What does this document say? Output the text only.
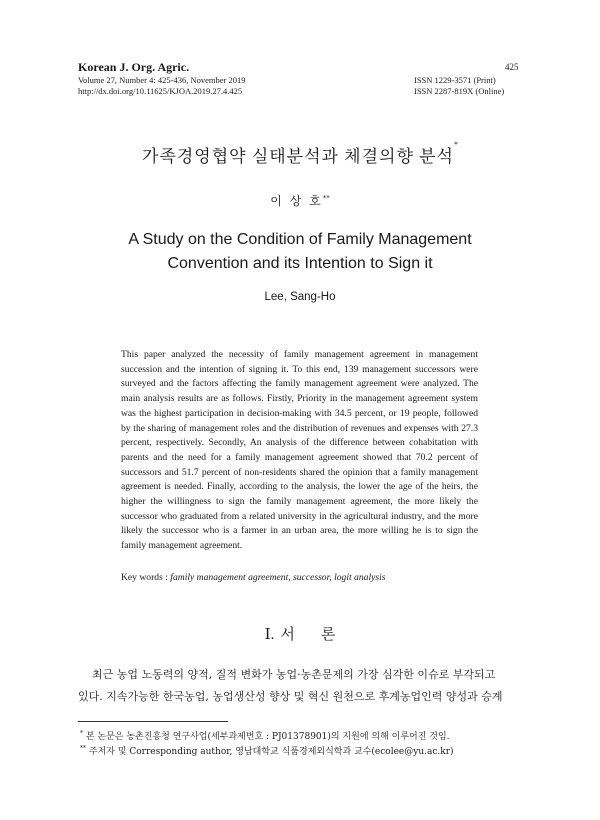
Korean J. Org. Agric.
Volume 27, Number 4: 425-436, November 2019
http://dx.doi.org/10.11625/KJOA.2019.27.4.425
425
ISSN 1229-3571 (Print)
ISSN 2287-819X (Online)
가족경영협약 실태분석과 체결의향 분석*
이 상 호**
A Study on the Condition of Family Management
Convention and its Intention to Sign it
Lee, Sang-Ho
This paper analyzed the necessity of family management agreement in management succession and the intention of signing it. To this end, 139 management successors were surveyed and the factors affecting the family management agreement were analyzed. The main analysis results are as follows. Firstly, Priority in the management agreement system was the highest participation in decision-making with 34.5 percent, or 19 people, followed by the sharing of management roles and the distribution of revenues and expenses with 27.3 percent, respectively. Secondly, An analysis of the difference between cohabitation with parents and the need for a family management agreement showed that 70.2 percent of successors and 51.7 percent of non-residents shared the opinion that a family management agreement is needed. Finally, according to the analysis, the lower the age of the heirs, the higher the willingness to sign the family management agreement, the more likely the successor who graduated from a related university in the agricultural industry, and the more likely the successor who is a farmer in an urban area, the more willing he is to sign the family management agreement.
Key words : family management agreement, successor, logit analysis
Ⅰ. 서 론
최근 농업 노동력의 양적, 질적 변화가 농업·농촌문제의 가장 심각한 이슈로 부각되고
있다. 지속가능한 한국농업, 농업생산성 향상 및 혁신 원천으로 후계농업인력 양성과 승계
* 본 논문은 농촌진흥청 연구사업(세부과제번호 : PJ01378901)의 지원에 의해 이루어진 것임.
** 주저자 및 Corresponding author, 영남대학교 식품경제외식학과 교수(ecolee@yu.ac.kr)
